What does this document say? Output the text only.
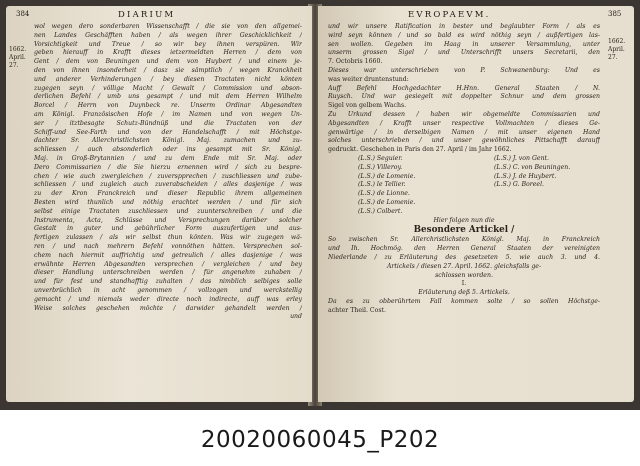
384	DIARIUM
1662.
April.
27.
wol wegen dero sonderbaren Wissenschafft / die sie von den allgemei-
nen Landes Geschäfften haben / als wegen ihrer Geschicklichkeit /
Vorsichtigkeit und Treue / so wir bey ihnen verspüren. Wir
geben hierauff in Krafft dieses ietzermeldten Herren / dem von
Gent / dem von Beuningen und dem von Huybert / und einem je-
den von ihnen insonderheit / dasz sie sämptlich / wegen Kranckheit
und anderer Verhinderungen / bey diesen Tractaten nicht könten
zugegen seyn / völlige Macht / Gewalt / Commission und abson-
derlichen Befehl / umb uns gesampt / und mit dem Herren Wilhelm
Borcel / Herrn von Duynbeck re. Unserm Ordinar Abgesandten
am Königl. Französischen Hofe / im Namen und von wegen Un-
ser / itztbesagte Schutz-Bündnüß und die Tractaten von der
Schiff-und See-Farth und von der Handelschafft / mit Höchstge-
dachter Sr. Allerchristlichsten Königl. Maj. zumachen und zu-
schliessen / auch absonderlich oder ins gesampt mit Sr. Königl.
Maj. in Groß-Brytannien / und zu dem Ende mit Sr. Maj. oder
Dero Commissarien / die Sie hierzu ernennen wird / sich zu bespre-
chen / wie auch zwergleichen / zuverspprechen / zuschliessen und zube-
schliessen / und zugleich auch zuverabscheiden / alles dasjenige / was
zu der Kron Franckreich und dieser Republic ihrem allgemeinen
Besten wird thunlich und nöthig erachtet werden / und für sich
selbst einige Tractaten zuschliessen und zuunterschreiben / und die
Instrumenta, Acta, Schlüsse und Versprechungen darüber solcher
Gestalt in guter und gebührlicher Form auszufertigen und aus-
fertigen zulassen / als wir selbst thun könten. Was wir zugegen wä-
ren / und nach mehrern Befehl vonnöthen hätten. Versprechen sol-
chem nach hiermit auffrichtig und getreulich / alles dasjenige / was
erwähnte Herren Abgesandten versprechen / vergleichen / und bey
dieser Handlung unterschreiben werden / für angenehm zuhaben /
und für fest und standhafftig zuhalten / das nimblich selbiges solle
unverbrüchlich in acht genommen / vollzogen und werckstellig
gemacht / und niemals weder directe noch indirecte, auff was erley
Weise solches geschehen möchte / darwider gehandelt werden /
und
EVROPAEVM.	385
1662.
April.
27.
und wir unsere Ratification in bester und beglaubter Form / als es
wird seyn können / und so bald es wird nöthig seyn / außfertigen las-
sen wollen. Gegeben im Haag in unserer Versammlung, unter
unserm grossen Sigel / und Unterschrifft unsers Secretarii, den
7. Octobris 1660.
Dieses war unterschrieben von P. Schwanenburg: Und es
was weiter druntenstund:
Auff Befehl Hochgedachter H.Hnn. General Staaten / N.
Ruysch. Und war gesiegelt mit doppelter Schnur und dem grossen
Sigel von gelbem Wachs.
Zu Urkund dessen / haben wir obgemeldte Commissarien und
Abgesandten / Krafft unser respective Vollmachten / dieses Ge-
genwärtige / in derselbigen Namen / mit unser eigenen Hand
solches unterschrieben / und unser gewöhnliches Pittschafft darauff
gedruckt. Geschehen in Paris den 27. April / im Jahr 1662.
(L.S.) Seguier.	(L.S.) J. von Gent.
(L.S.) Villeroy.	(L.S.) C. von Beuningen.
(L.S.) de Lomenie.	(L.S.) J. de Huybert.
(L.S.) le Tellier.	(L.S.) G. Boreel.
(L.S.) de Lionne.
(L.S.) de Lomenie.
(L.S.) Colbert.
Hier folgen nun die
Besondere Artickel /
So zwischen Sr. Allerchristlichsten Königl. Maj. in Franckreich
und Ih. Hochmög. den Herren General Staaten der vereinigten
Niederlande / zu Erläuterung des gesetzeten 5. wie auch 3. und 4.
Artickels / diesen 27. April. 1662. gleichsfalls ge-
schlossen worden.
I.
Erläuterung deß 5. Artickels.
Da es zu obberührtem Fall kommen solte / so sollen Höchstge-
achter Theil. Cost.
20020060045_P202
